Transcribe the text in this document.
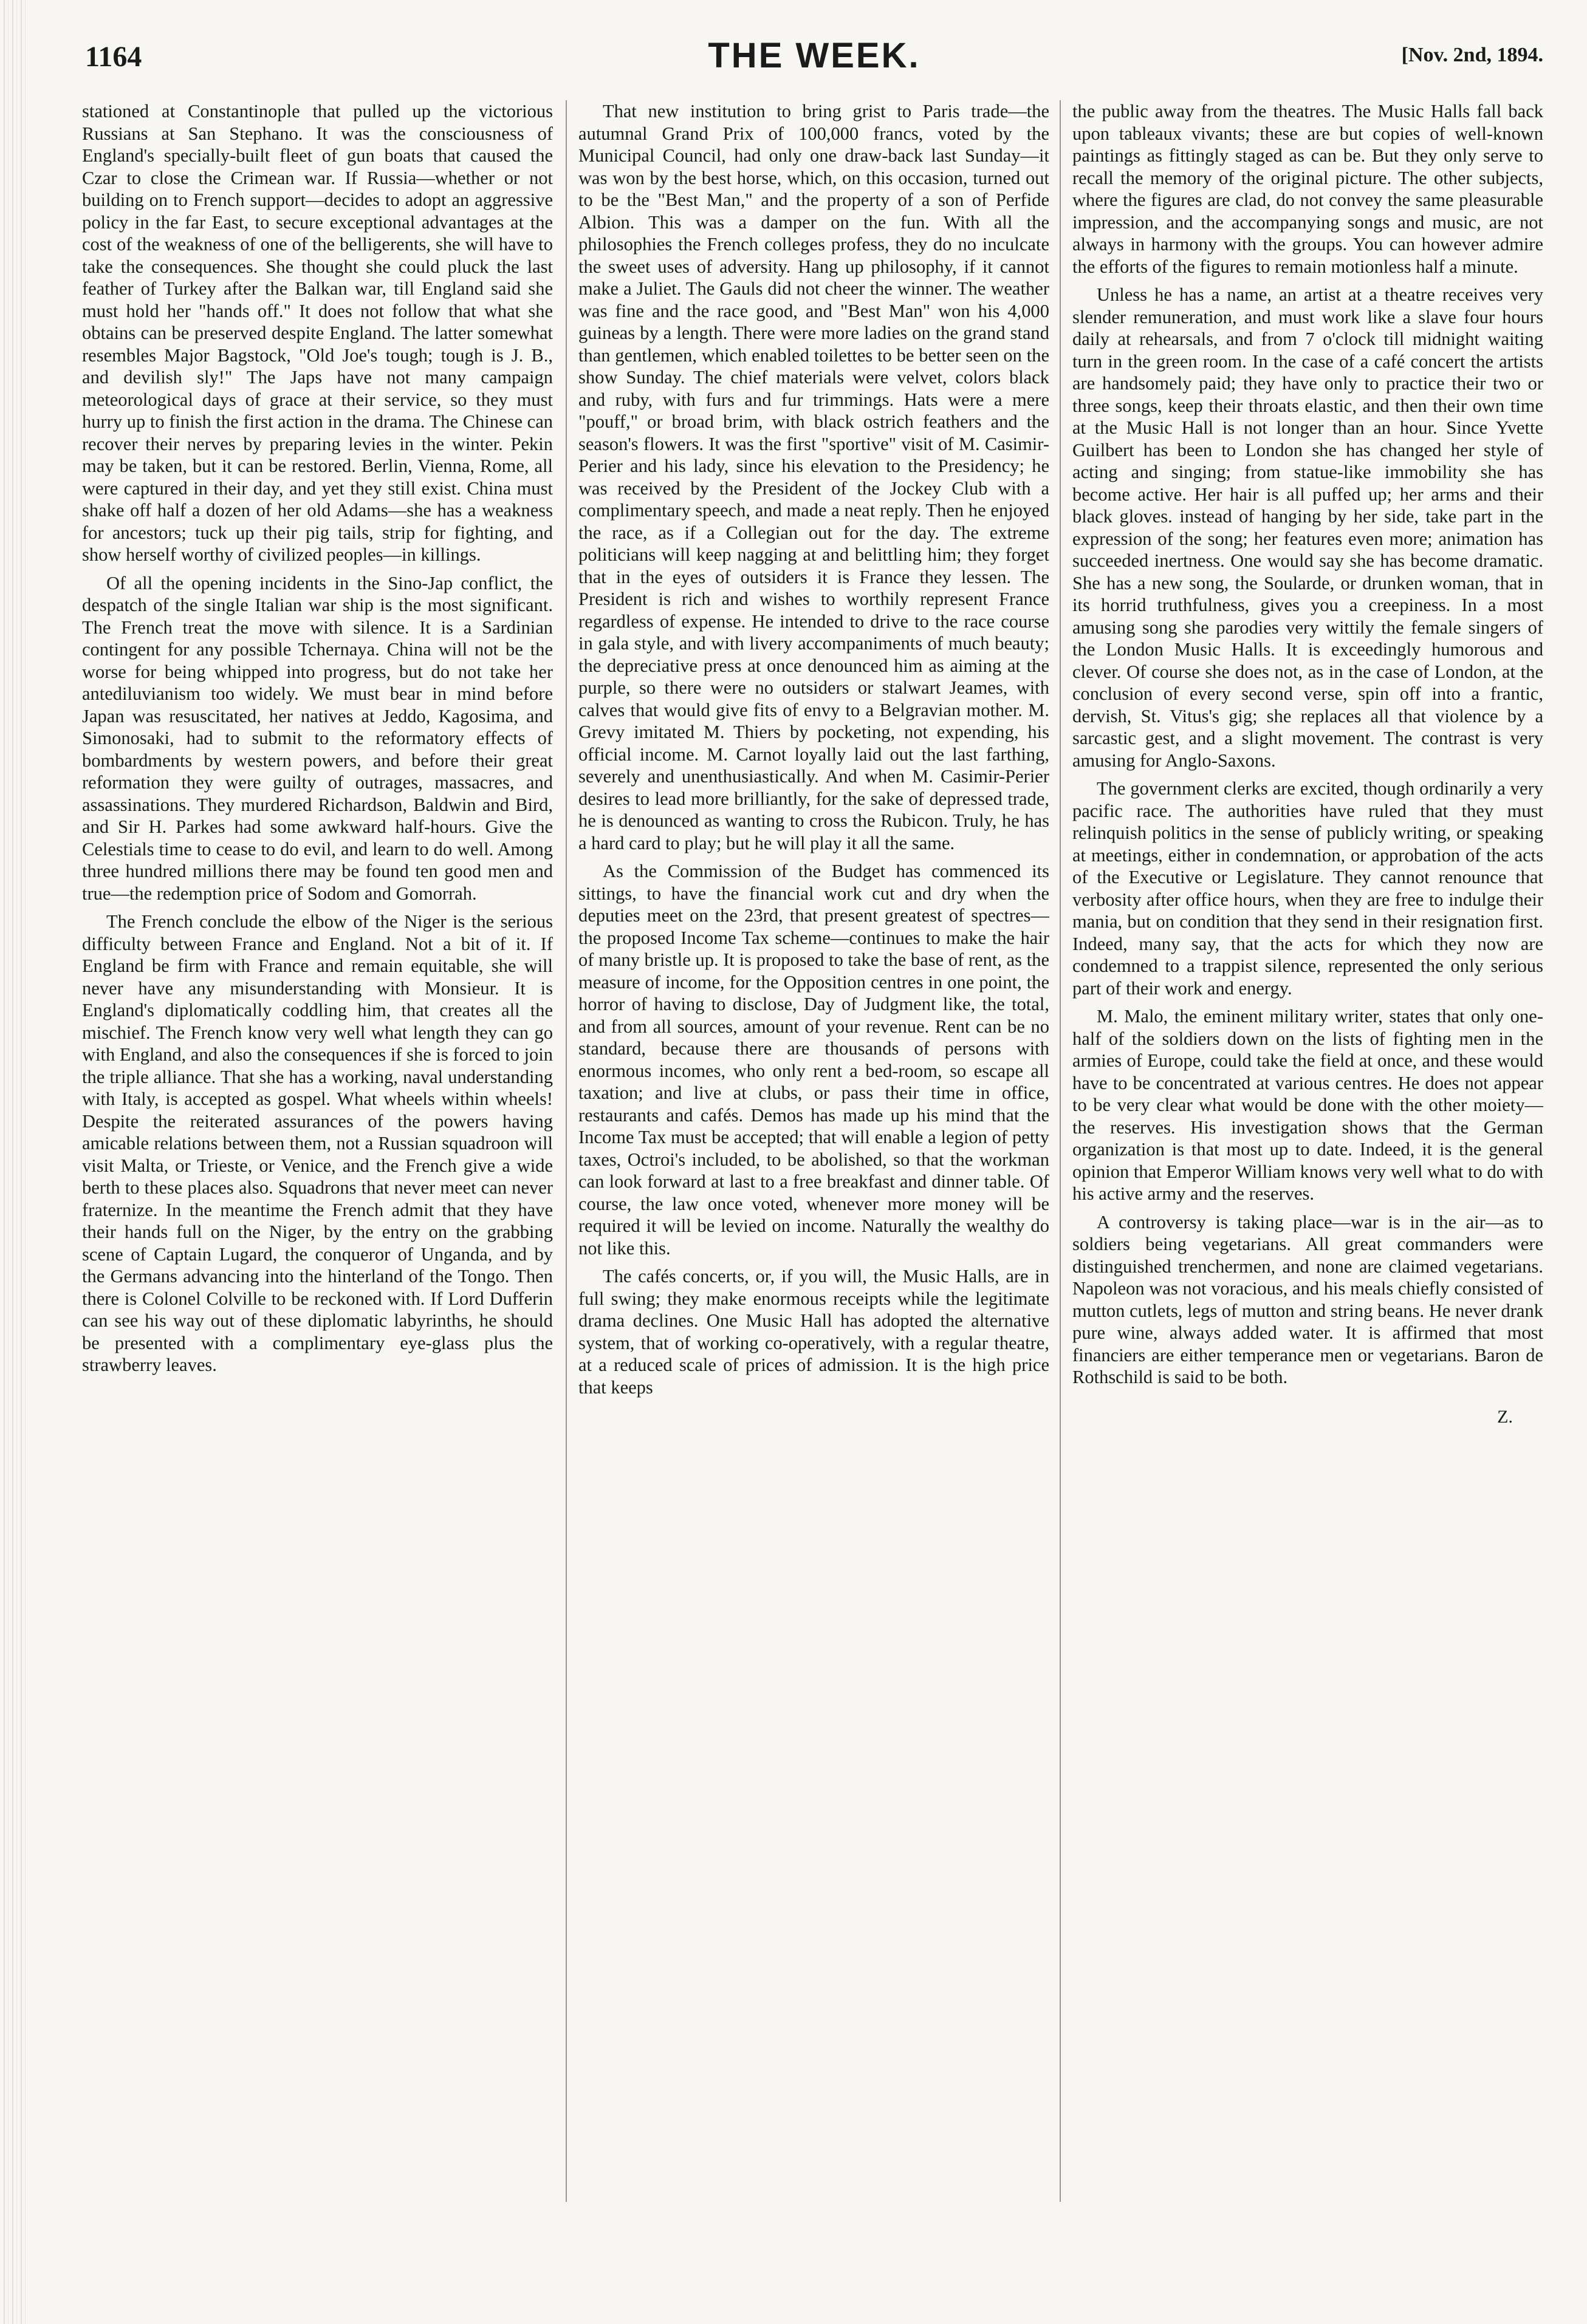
1164	THE WEEK.	[Nov. 2nd, 1894.

stationed at Constantinople that pulled up the victorious Russians at San Stephano. It was the consciousness of England's specially-built fleet of gun boats that caused the Czar to close the Crimean war. If Russia—whether or not building on to French support—decides to adopt an aggressive policy in the far East, to secure exceptional advantages at the cost of the weakness of one of the belligerents, she will have to take the consequences. She thought she could pluck the last feather of Turkey after the Balkan war, till England said she must hold her "hands off." It does not follow that what she obtains can be preserved despite England. The latter somewhat resembles Major Bagstock, "Old Joe's tough; tough is J. B., and devilish sly!" The Japs have not many campaign meteorological days of grace at their service, so they must hurry up to finish the first action in the drama. The Chinese can recover their nerves by preparing levies in the winter. Pekin may be taken, but it can be restored. Berlin, Vienna, Rome, all were captured in their day, and yet they still exist. China must shake off half a dozen of her old Adams—she has a weakness for ancestors; tuck up their pig tails, strip for fighting, and show herself worthy of civilized peoples—in killings.

Of all the opening incidents in the Sino-Jap conflict, the despatch of the single Italian war ship is the most significant. The French treat the move with silence. It is a Sardinian contingent for any possible Tchernaya. China will not be the worse for being whipped into progress, but do not take her antediluvianism too widely. We must bear in mind before Japan was resuscitated, her natives at Jeddo, Kagosima, and Simonosaki, had to submit to the reformatory effects of bombardments by western powers, and before their great reformation they were guilty of outrages, massacres, and assassinations. They murdered Richardson, Baldwin and Bird, and Sir H. Parkes had some awkward half-hours. Give the Celestials time to cease to do evil, and learn to do well. Among three hundred millions there may be found ten good men and true—the redemption price of Sodom and Gomorrah.

The French conclude the elbow of the Niger is the serious difficulty between France and England. Not a bit of it. If England be firm with France and remain equitable, she will never have any misunderstanding with Monsieur. It is England's diplomatically coddling him, that creates all the mischief. The French know very well what length they can go with England, and also the consequences if she is forced to join the triple alliance. That she has a working, naval understanding with Italy, is accepted as gospel. What wheels within wheels! Despite the reiterated assurances of the powers having amicable relations between them, not a Russian squadroon will visit Malta, or Trieste, or Venice, and the French give a wide berth to these places also. Squadrons that never meet can never fraternize. In the meantime the French admit that they have their hands full on the Niger, by the entry on the grabbing scene of Captain Lugard, the conqueror of Unganda, and by the Germans advancing into the hinterland of the Tongo. Then there is Colonel Colville to be reckoned with. If Lord Dufferin can see his way out of these diplomatic labyrinths, he should be presented with a complimentary eye-glass plus the strawberry leaves.

That new institution to bring grist to Paris trade—the autumnal Grand Prix of 100,000 francs, voted by the Municipal Council, had only one draw-back last Sunday—it was won by the best horse, which, on this occasion, turned out to be the "Best Man," and the property of a son of Perfide Albion. This was a damper on the fun. With all the philosophies the French colleges profess, they do no inculcate the sweet uses of adversity. Hang up philosophy, if it cannot make a Juliet. The Gauls did not cheer the winner. The weather was fine and the race good, and "Best Man" won his 4,000 guineas by a length. There were more ladies on the grand stand than gentlemen, which enabled toilettes to be better seen on the show Sunday. The chief materials were velvet, colors black and ruby, with furs and fur trimmings. Hats were a mere "pouff," or broad brim, with black ostrich feathers and the season's flowers. It was the first "sportive" visit of M. Casimir-Perier and his lady, since his elevation to the Presidency; he was received by the President of the Jockey Club with a complimentary speech, and made a neat reply. Then he enjoyed the race, as if a Collegian out for the day. The extreme politicians will keep nagging at and belittling him; they forget that in the eyes of outsiders it is France they lessen. The President is rich and wishes to worthily represent France regardless of expense. He intended to drive to the race course in gala style, and with livery accompaniments of much beauty; the depreciative press at once denounced him as aiming at the purple, so there were no outsiders or stalwart Jeames, with calves that would give fits of envy to a Belgravian mother. M. Grevy imitated M. Thiers by pocketing, not expending, his official income. M. Carnot loyally laid out the last farthing, severely and unenthusiastically. And when M. Casimir-Perier desires to lead more brilliantly, for the sake of depressed trade, he is denounced as wanting to cross the Rubicon. Truly, he has a hard card to play; but he will play it all the same.

As the Commission of the Budget has commenced its sittings, to have the financial work cut and dry when the deputies meet on the 23rd, that present greatest of spectres—the proposed Income Tax scheme—continues to make the hair of many bristle up. It is proposed to take the base of rent, as the measure of income, for the Opposition centres in one point, the horror of having to disclose, Day of Judgment like, the total, and from all sources, amount of your revenue. Rent can be no standard, because there are thousands of persons with enormous incomes, who only rent a bed-room, so escape all taxation; and live at clubs, or pass their time in office, restaurants and cafés. Demos has made up his mind that the Income Tax must be accepted; that will enable a legion of petty taxes, Octroi's included, to be abolished, so that the workman can look forward at last to a free breakfast and dinner table. Of course, the law once voted, whenever more money will be required it will be levied on income. Naturally the wealthy do not like this.

The cafés concerts, or, if you will, the Music Halls, are in full swing; they make enormous receipts while the legitimate drama declines. One Music Hall has adopted the alternative system, that of working co-operatively, with a regular theatre, at a reduced scale of prices of admission. It is the high price that keeps

the public away from the theatres. The Music Halls fall back upon tableaux vivants; these are but copies of well-known paintings as fittingly staged as can be. But they only serve to recall the memory of the original picture. The other subjects, where the figures are clad, do not convey the same pleasurable impression, and the accompanying songs and music, are not always in harmony with the groups. You can however admire the efforts of the figures to remain motionless half a minute.

Unless he has a name, an artist at a theatre receives very slender remuneration, and must work like a slave four hours daily at rehearsals, and from 7 o'clock till midnight waiting turn in the green room. In the case of a café concert the artists are handsomely paid; they have only to practice their two or three songs, keep their throats elastic, and then their own time at the Music Hall is not longer than an hour. Since Yvette Guilbert has been to London she has changed her style of acting and singing; from statue-like immobility she has become active. Her hair is all puffed up; her arms and their black gloves. instead of hanging by her side, take part in the expression of the song; her features even more; animation has succeeded inertness. One would say she has become dramatic. She has a new song, the Soularde, or drunken woman, that in its horrid truthfulness, gives you a creepiness. In a most amusing song she parodies very wittily the female singers of the London Music Halls. It is exceedingly humorous and clever. Of course she does not, as in the case of London, at the conclusion of every second verse, spin off into a frantic, dervish, St. Vitus's gig; she replaces all that violence by a sarcastic gest, and a slight movement. The contrast is very amusing for Anglo-Saxons.

The government clerks are excited, though ordinarily a very pacific race. The authorities have ruled that they must relinquish politics in the sense of publicly writing, or speaking at meetings, either in condemnation, or approbation of the acts of the Executive or Legislature. They cannot renounce that verbosity after office hours, when they are free to indulge their mania, but on condition that they send in their resignation first. Indeed, many say, that the acts for which they now are condemned to a trappist silence, represented the only serious part of their work and energy.

M. Malo, the eminent military writer, states that only one-half of the soldiers down on the lists of fighting men in the armies of Europe, could take the field at once, and these would have to be concentrated at various centres. He does not appear to be very clear what would be done with the other moiety—the reserves. His investigation shows that the German organization is that most up to date. Indeed, it is the general opinion that Emperor William knows very well what to do with his active army and the reserves.

A controversy is taking place—war is in the air—as to soldiers being vegetarians. All great commanders were distinguished trenchermen, and none are claimed vegetarians. Napoleon was not voracious, and his meals chiefly consisted of mutton cutlets, legs of mutton and string beans. He never drank pure wine, always added water. It is affirmed that most financiers are either temperance men or vegetarians. Baron de Rothschild is said to be both.

Z.
